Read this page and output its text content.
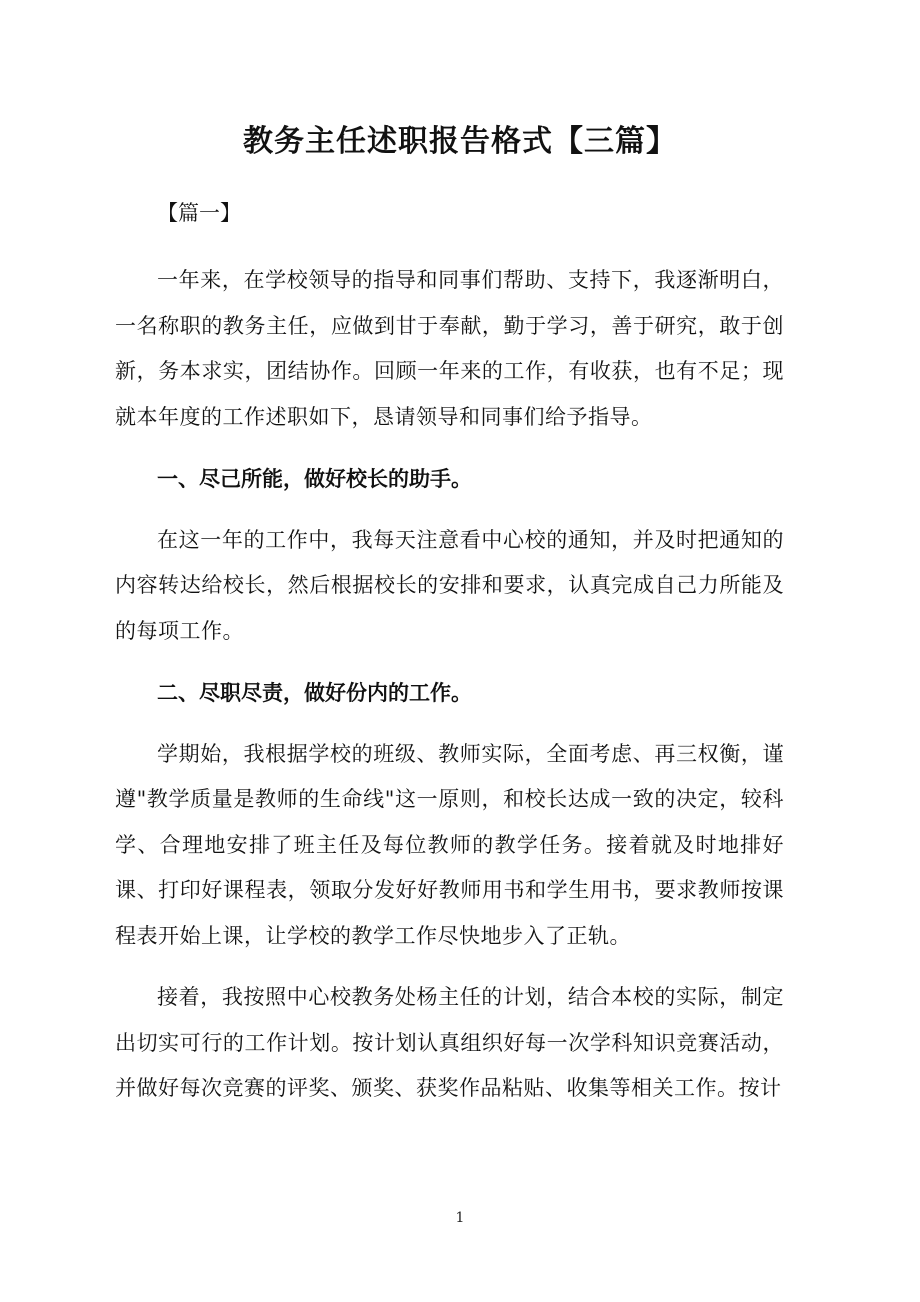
教务主任述职报告格式【三篇】
【篇一】

一年来，在学校领导的指导和同事们帮助、支持下，我逐渐明白，一名称职的教务主任，应做到甘于奉献，勤于学习，善于研究，敢于创新，务本求实，团结协作。回顾一年来的工作，有收获，也有不足；现就本年度的工作述职如下，恳请领导和同事们给予指导。

一、尽己所能，做好校长的助手。

在这一年的工作中，我每天注意看中心校的通知，并及时把通知的内容转达给校长，然后根据校长的安排和要求，认真完成自己力所能及的每项工作。

二、尽职尽责，做好份内的工作。

学期始，我根据学校的班级、教师实际，全面考虑、再三权衡，谨遵"教学质量是教师的生命线"这一原则，和校长达成一致的决定，较科学、合理地安排了班主任及每位教师的教学任务。接着就及时地排好课、打印好课程表，领取分发好好教师用书和学生用书，要求教师按课程表开始上课，让学校的教学工作尽快地步入了正轨。

接着，我按照中心校教务处杨主任的计划，结合本校的实际，制定出切实可行的工作计划。按计划认真组织好每一次学科知识竞赛活动，并做好每次竞赛的评奖、颁奖、获奖作品粘贴、收集等相关工作。按计

1
